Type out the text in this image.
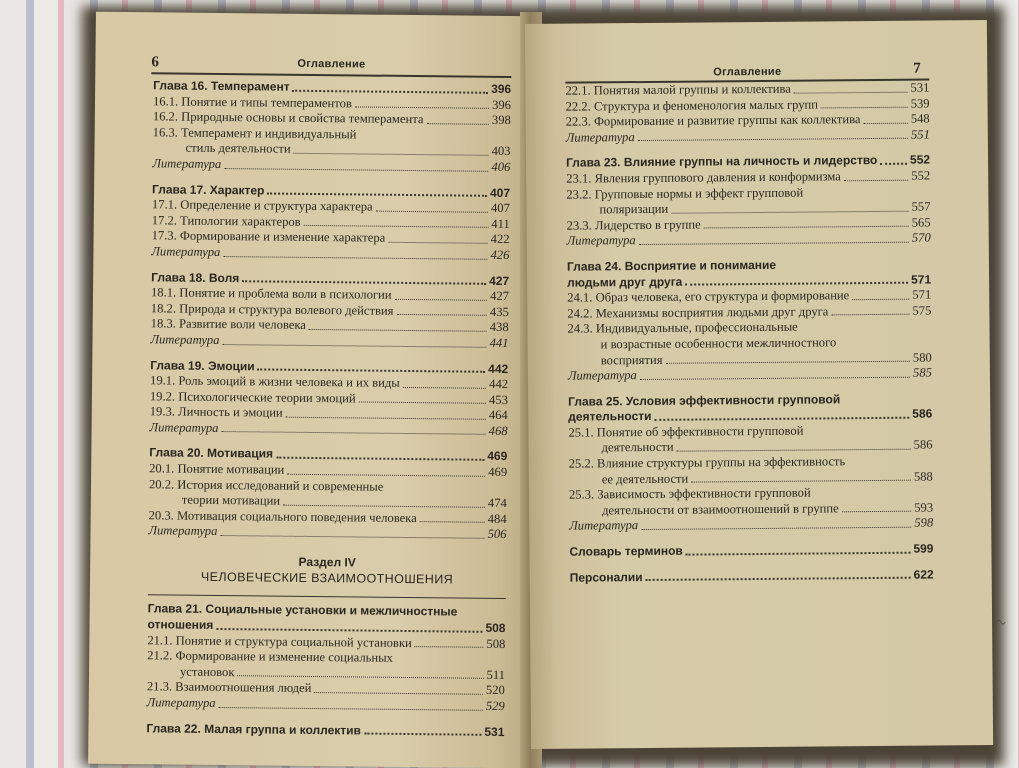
6	Оглавление
Глава 16. Темперамент	396
16.1. Понятие и типы темпераментов	396
16.2. Природные основы и свойства темперамента	398
16.3. Темперамент и индивидуальный
стиль деятельности	403
Литература	406
Глава 17. Характер	407
17.1. Определение и структура характера	407
17.2. Типологии характеров	411
17.3. Формирование и изменение характера	422
Литература	426
Глава 18. Воля	427
18.1. Понятие и проблема воли в психологии	427
18.2. Природа и структура волевого действия	435
18.3. Развитие воли человека	438
Литература	441
Глава 19. Эмоции	442
19.1. Роль эмоций в жизни человека и их виды	442
19.2. Психологические теории эмоций	453
19.3. Личность и эмоции	464
Литература	468
Глава 20. Мотивация	469
20.1. Понятие мотивации	469
20.2. История исследований и современные
теории мотивации	474
20.3. Мотивация социального поведения человека	484
Литература	506
Раздел IV
ЧЕЛОВЕЧЕСКИЕ ВЗАИМООТНОШЕНИЯ
Глава 21. Социальные установки и межличностные
отношения	508
21.1. Понятие и структура социальной установки	508
21.2. Формирование и изменение социальных
установок	511
21.3. Взаимоотношения людей	520
Литература	529
Глава 22. Малая группа и коллектив	531
Оглавление	7
22.1. Понятия малой группы и коллектива	531
22.2. Структура и феноменология малых групп	539
22.3. Формирование и развитие группы как коллектива	548
Литература	551
Глава 23. Влияние группы на личность и лидерство	552
23.1. Явления группового давления и конформизма	552
23.2. Групповые нормы и эффект групповой
поляризации	557
23.3. Лидерство в группе	565
Литература	570
Глава 24. Восприятие и понимание
людьми друг друга	571
24.1. Образ человека, его структура и формирование	571
24.2. Механизмы восприятия людьми друг друга	575
24.3. Индивидуальные, профессиональные
и возрастные особенности межличностного
восприятия	580
Литература	585
Глава 25. Условия эффективности групповой
деятельности	586
25.1. Понятие об эффективности групповой
деятельности	586
25.2. Влияние структуры группы на эффективность
ее деятельности	588
25.3. Зависимость эффективности групповой
деятельности от взаимоотношений в группе	593
Литература	598
Словарь терминов	599
Персоналии	622
~
